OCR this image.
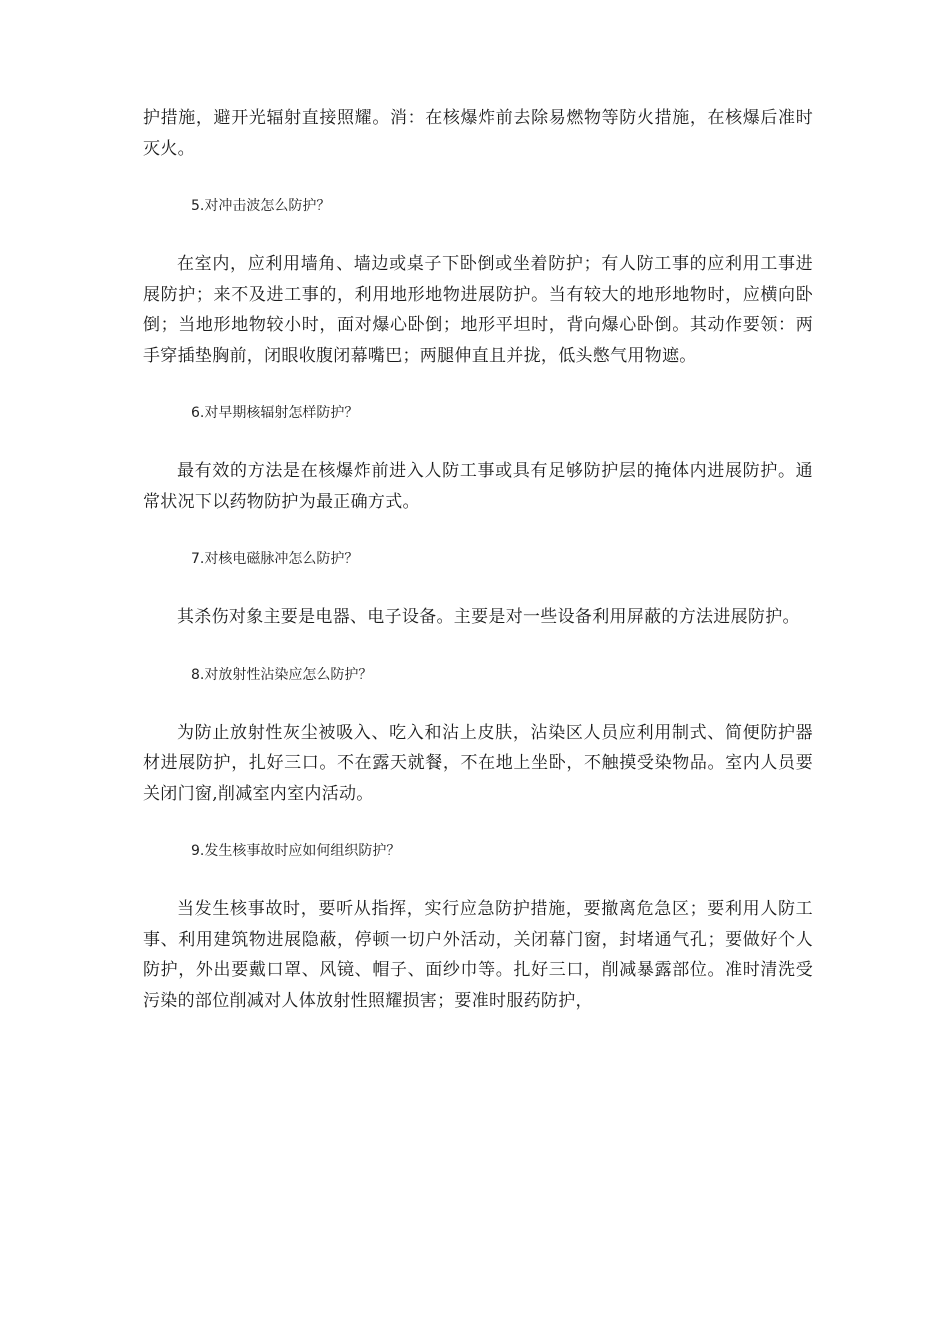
护措施，避开光辐射直接照耀。消：在核爆炸前去除易燃物等防火措施，在核爆后准时灭火。

5.对冲击波怎么防护？

在室内，应利用墙角、墙边或桌子下卧倒或坐着防护；有人防工事的应利用工事进展防护；来不及进工事的，利用地形地物进展防护。当有较大的地形地物时，应横向卧倒；当地形地物较小时，面对爆心卧倒；地形平坦时，背向爆心卧倒。其动作要领：两手穿插垫胸前，闭眼收腹闭幕嘴巴；两腿伸直且并拢，低头憋气用物遮。

6.对早期核辐射怎样防护？

最有效的方法是在核爆炸前进入人防工事或具有足够防护层的掩体内进展防护。通常状况下以药物防护为最正确方式。

7.对核电磁脉冲怎么防护？

其杀伤对象主要是电器、电子设备。主要是对一些设备利用屏蔽的方法进展防护。

8.对放射性沾染应怎么防护？

为防止放射性灰尘被吸入、吃入和沾上皮肤，沾染区人员应利用制式、简便防护器材进展防护，扎好三口。不在露天就餐，不在地上坐卧，不触摸受染物品。室内人员要关闭门窗,削减室内室内活动。

9.发生核事故时应如何组织防护？

当发生核事故时，要听从指挥，实行应急防护措施，要撤离危急区；要利用人防工事、利用建筑物进展隐蔽，停顿一切户外活动，关闭幕门窗，封堵通气孔；要做好个人防护，外出要戴口罩、风镜、帽子、面纱巾等。扎好三口，削减暴露部位。准时清洗受污染的部位削减对人体放射性照耀损害；要准时服药防护，
